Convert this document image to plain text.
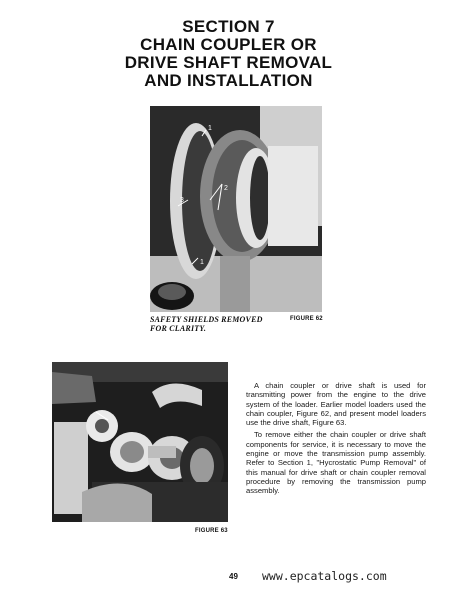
SECTION 7
CHAIN COUPLER OR
DRIVE SHAFT REMOVAL
AND INSTALLATION
1
2
3
1
SAFETY SHIELDS REMOVED
FOR CLARITY.
FIGURE 62
FIGURE 63

A chain coupler or drive shaft is used for transmitting power from the engine to the drive system of the loader. Earlier model loaders used the chain coupler, Figure 62, and present model loaders use the drive shaft, Figure 63.

To remove either the chain coupler or drive shaft components for service, it is necessary to move the engine or move the transmission pump assembly. Refer to Section 1, "Hycrostatic Pump Removal" of this manual for drive shaft or chain coupler removal procedure by removing the transmission pump assembly.

49 www.epcatalogs.com
